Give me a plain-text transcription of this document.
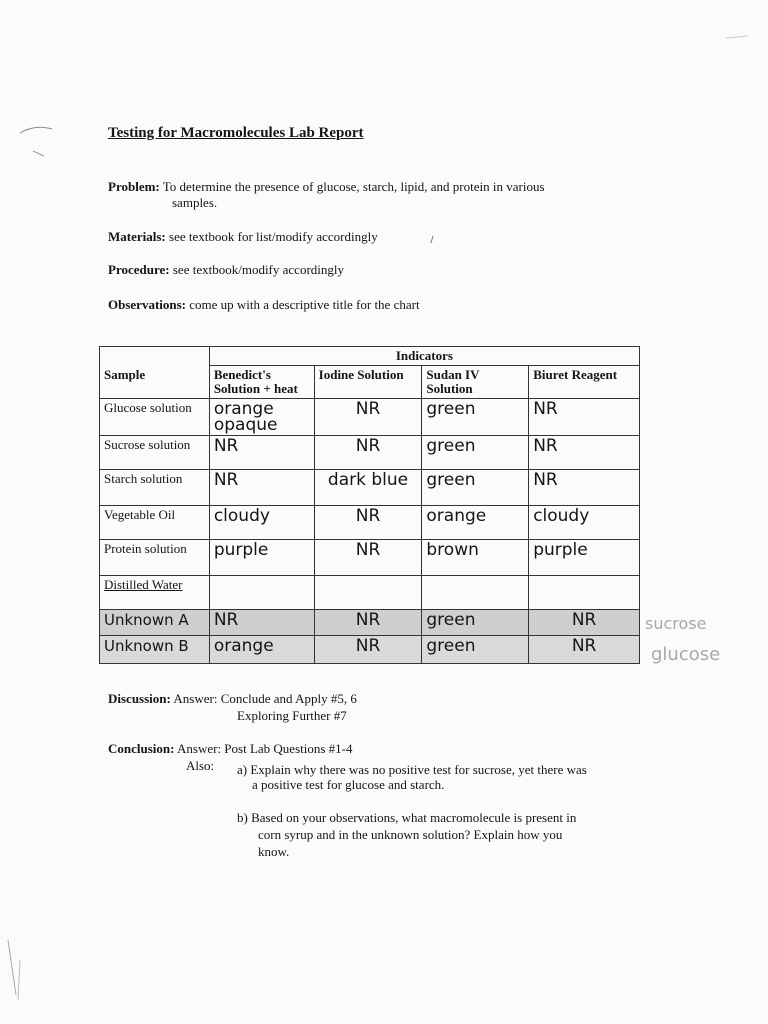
Testing for Macromolecules Lab Report
Problem: To determine the presence of glucose, starch, lipid, and protein in various
samples.
Materials: see textbook for list/modify accordingly
Procedure: see textbook/modify accordingly
Observations: come up with a descriptive title for the chart
	Indicators			
Sample	Benedict's Solution + heat	Iodine Solution	Sudan IV Solution	Biuret Reagent
Glucose solution	orange opaque	NR	green	NR
Sucrose solution	NR	NR	green	NR
Starch solution	NR	dark blue	green	NR
Vegetable Oil	cloudy	NR	orange	cloudy
Protein solution	purple	NR	brown	purple
Distilled Water				
Unknown A	NR	NR	green	NR
Unknown B	orange	NR	green	NR
sucrose
glucose
Discussion: Answer: Conclude and Apply #5, 6
Exploring Further #7
Conclusion: Answer: Post Lab Questions #1-4
Also: a) Explain why there was no positive test for sucrose, yet there was
a positive test for glucose and starch.
b) Based on your observations, what macromolecule is present in
corn syrup and in the unknown solution? Explain how you
know.
